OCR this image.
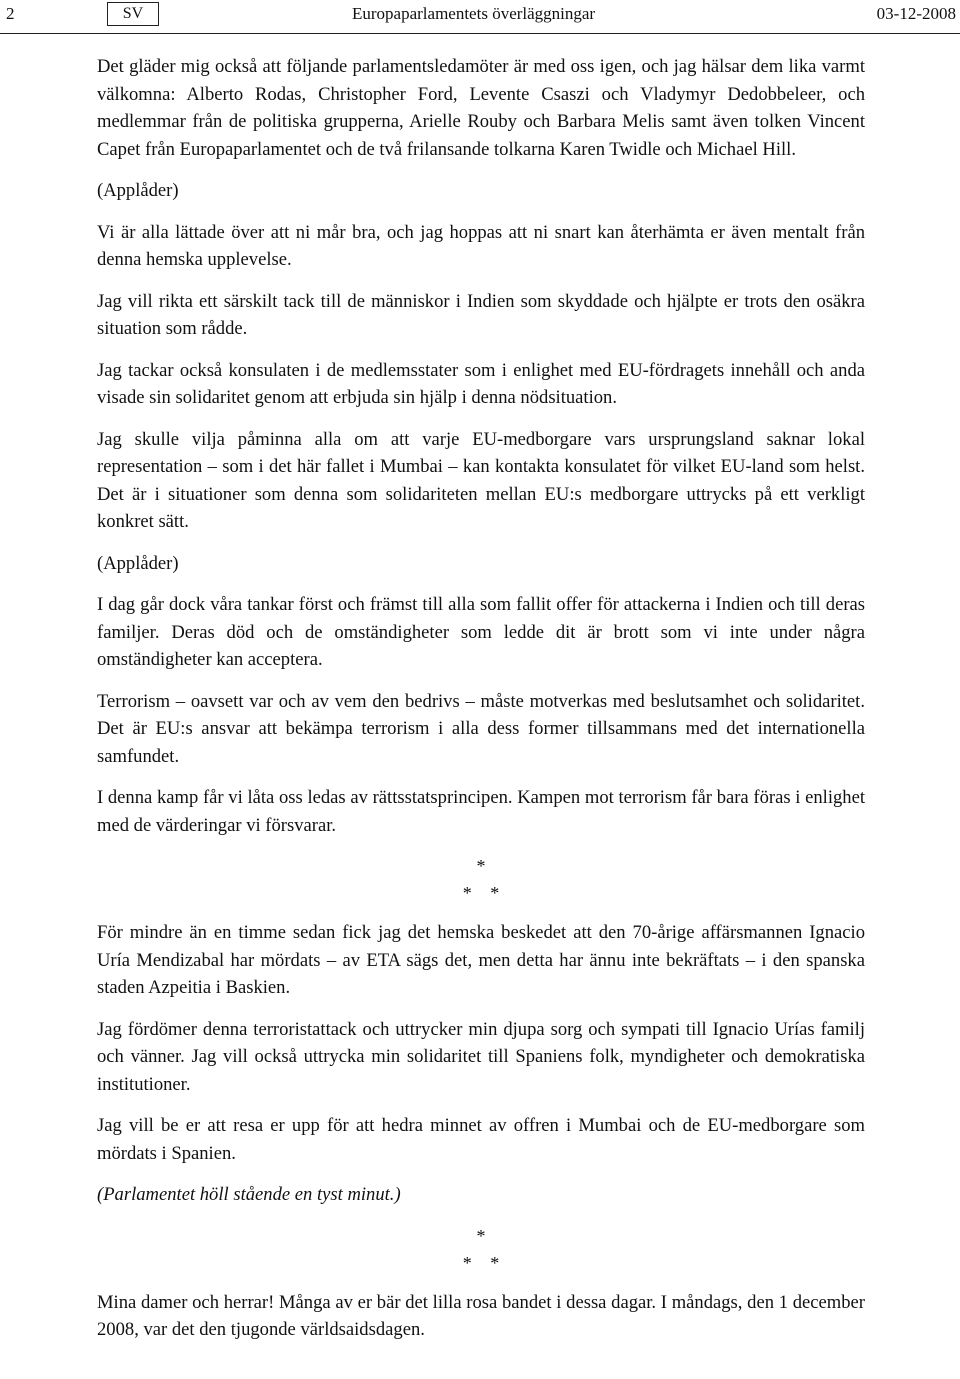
2	SV	Europaparlamentets överläggningar	03-12-2008

Det gläder mig också att följande parlamentsledamöter är med oss igen, och jag hälsar dem lika varmt välkomna: Alberto Rodas, Christopher Ford, Levente Csaszi och Vladymyr Dedobbeleer, och medlemmar från de politiska grupperna, Arielle Rouby och Barbara Melis samt även tolken Vincent Capet från Europaparlamentet och de två frilansande tolkarna Karen Twidle och Michael Hill.

(Applåder)

Vi är alla lättade över att ni mår bra, och jag hoppas att ni snart kan återhämta er även mentalt från denna hemska upplevelse.

Jag vill rikta ett särskilt tack till de människor i Indien som skyddade och hjälpte er trots den osäkra situation som rådde.

Jag tackar också konsulaten i de medlemsstater som i enlighet med EU-fördragets innehåll och anda visade sin solidaritet genom att erbjuda sin hjälp i denna nödsituation.

Jag skulle vilja påminna alla om att varje EU-medborgare vars ursprungsland saknar lokal representation – som i det här fallet i Mumbai – kan kontakta konsulatet för vilket EU-land som helst. Det är i situationer som denna som solidariteten mellan EU:s medborgare uttrycks på ett verkligt konkret sätt.

(Applåder)

I dag går dock våra tankar först och främst till alla som fallit offer för attackerna i Indien och till deras familjer. Deras död och de omständigheter som ledde dit är brott som vi inte under några omständigheter kan acceptera.

Terrorism – oavsett var och av vem den bedrivs – måste motverkas med beslutsamhet och solidaritet. Det är EU:s ansvar att bekämpa terrorism i alla dess former tillsammans med det internationella samfundet.

I denna kamp får vi låta oss ledas av rättsstatsprincipen. Kampen mot terrorism får bara föras i enlighet med de värderingar vi försvarar.

*
* *

För mindre än en timme sedan fick jag det hemska beskedet att den 70-årige affärsmannen Ignacio Uría Mendizabal har mördats – av ETA sägs det, men detta har ännu inte bekräftats – i den spanska staden Azpeitia i Baskien.

Jag fördömer denna terroristattack och uttrycker min djupa sorg och sympati till Ignacio Urías familj och vänner. Jag vill också uttrycka min solidaritet till Spaniens folk, myndigheter och demokratiska institutioner.

Jag vill be er att resa er upp för att hedra minnet av offren i Mumbai och de EU-medborgare som mördats i Spanien.

(Parlamentet höll stående en tyst minut.)

*
* *

Mina damer och herrar! Många av er bär det lilla rosa bandet i dessa dagar. I måndags, den 1 december 2008, var det den tjugonde världsaidsdagen.
